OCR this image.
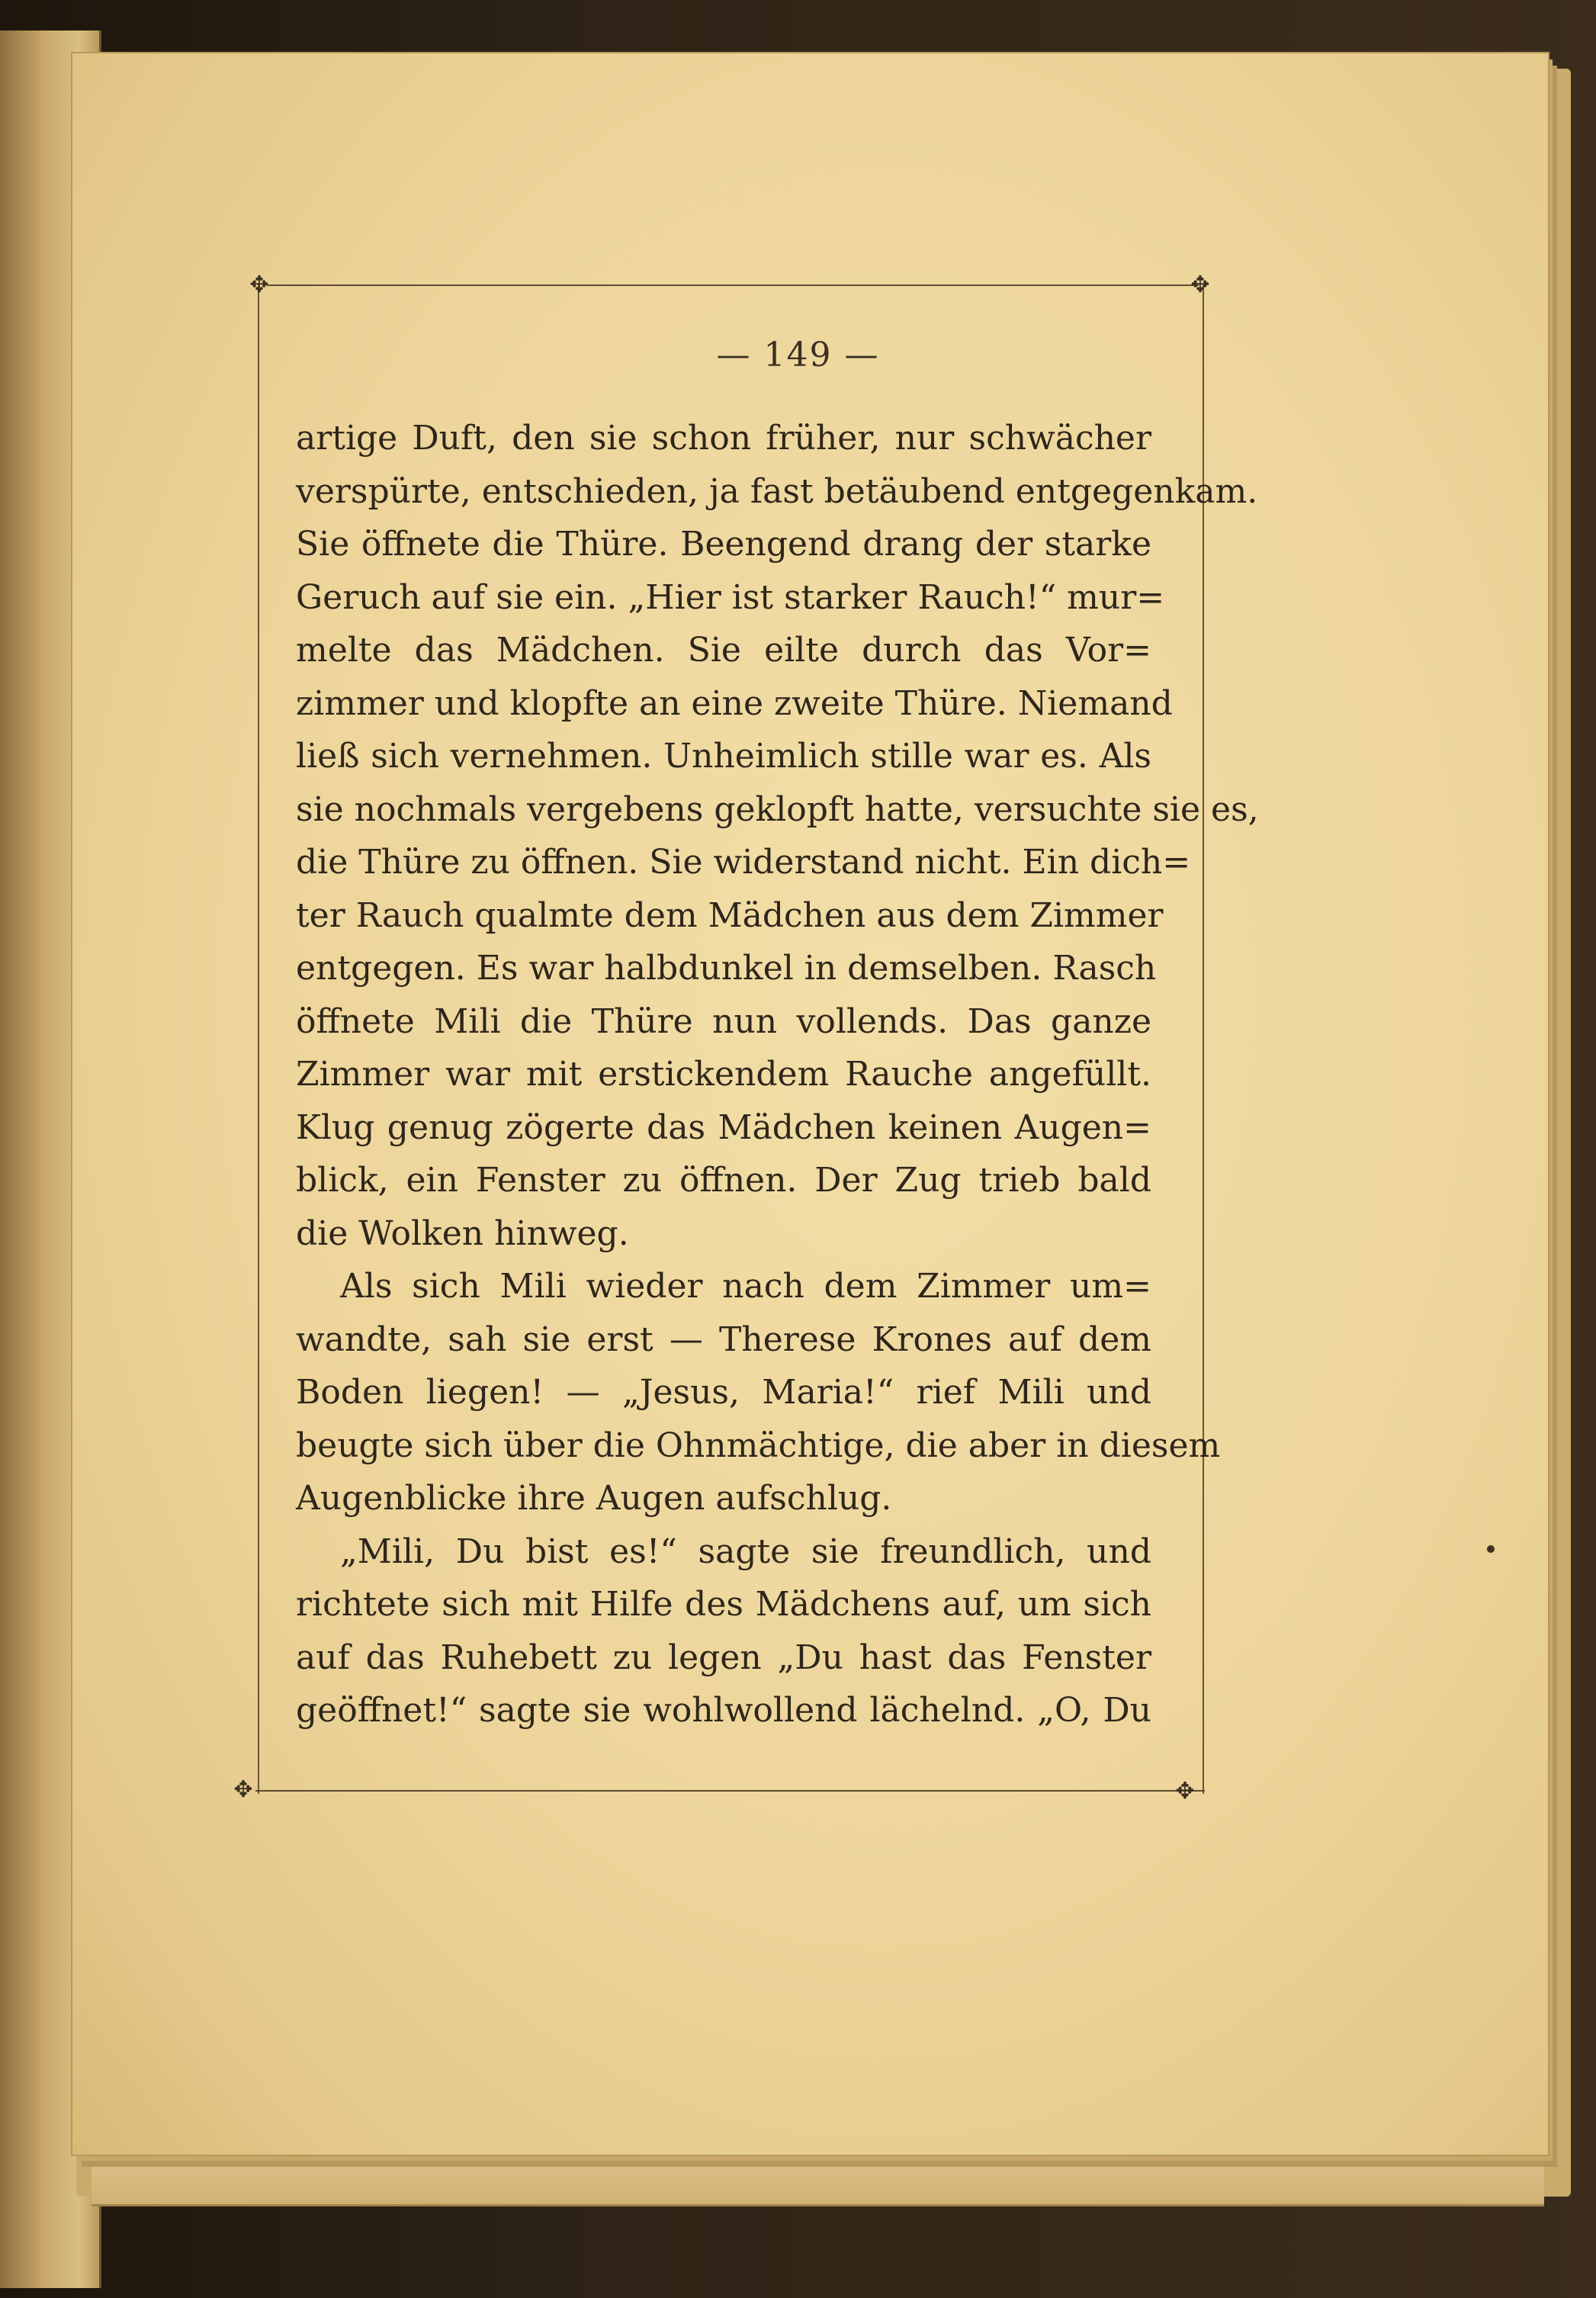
✥	✥
✥	✥
— 149 —
artige Duft, den sie schon früher, nur schwächer
verspürte, entschieden, ja fast betäubend entgegenkam.
Sie öffnete die Thüre. Beengend drang der starke
Geruch auf sie ein. „Hier ist starker Rauch!“ mur=
melte das Mädchen. Sie eilte durch das Vor=
zimmer und klopfte an eine zweite Thüre. Niemand
ließ sich vernehmen. Unheimlich stille war es. Als
sie nochmals vergebens geklopft hatte, versuchte sie es,
die Thüre zu öffnen. Sie widerstand nicht. Ein dich=
ter Rauch qualmte dem Mädchen aus dem Zimmer
entgegen. Es war halbdunkel in demselben. Rasch
öffnete Mili die Thüre nun vollends. Das ganze
Zimmer war mit erstickendem Rauche angefüllt.
Klug genug zögerte das Mädchen keinen Augen=
blick, ein Fenster zu öffnen. Der Zug trieb bald
die Wolken hinweg.
Als sich Mili wieder nach dem Zimmer um=
wandte, sah sie erst — Therese Krones auf dem
Boden liegen! — „Jesus, Maria!“ rief Mili und
beugte sich über die Ohnmächtige, die aber in diesem
Augenblicke ihre Augen aufschlug.
„Mili, Du bist es!“ sagte sie freundlich, und
richtete sich mit Hilfe des Mädchens auf, um sich
auf das Ruhebett zu legen „Du hast das Fenster
geöffnet!“ sagte sie wohlwollend lächelnd. „O, Du
